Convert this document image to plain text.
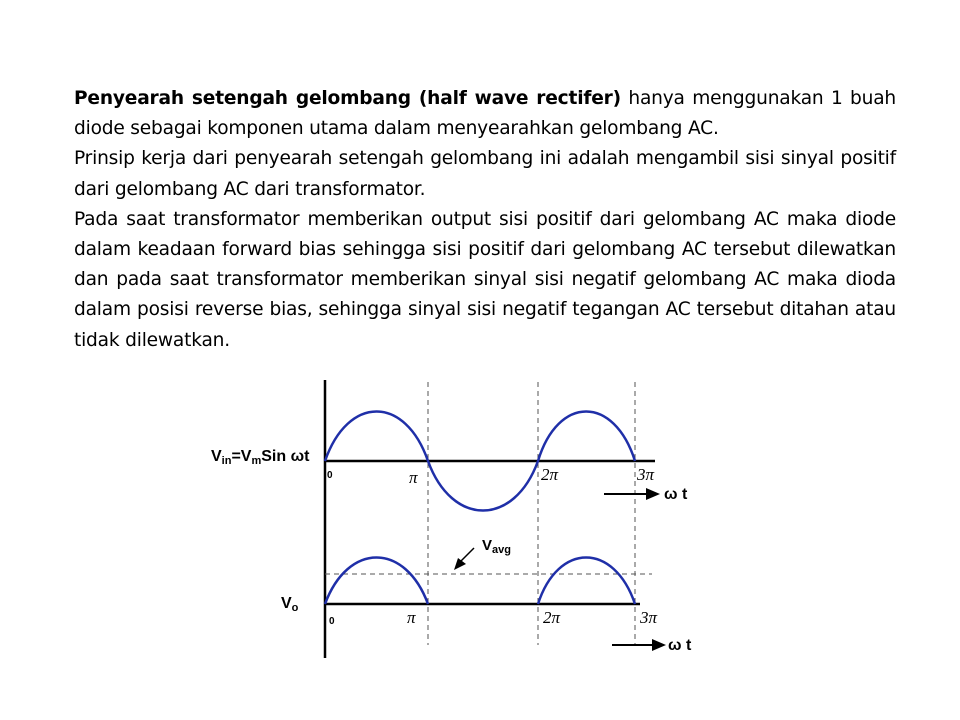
Penyearah setengah gelombang (half wave rectifer) hanya menggunakan 1 buah diode sebagai komponen utama dalam menyearahkan gelombang AC.

Prinsip kerja dari penyearah setengah gelombang ini adalah mengambil sisi sinyal positif dari gelombang AC dari transformator.

Pada saat transformator memberikan output sisi positif dari gelombang AC maka diode dalam keadaan forward bias sehingga sisi positif dari gelombang AC tersebut dilewatkan dan pada saat transformator memberikan sinyal sisi negatif gelombang AC maka dioda dalam posisi reverse bias, sehingga sinyal sisi negatif tegangan AC tersebut ditahan atau tidak dilewatkan.

0	π	2π	3π
Vin=VmSin ωt
ω t
0	π	2π	3π
Vo
$V_{avg}$
ω t
